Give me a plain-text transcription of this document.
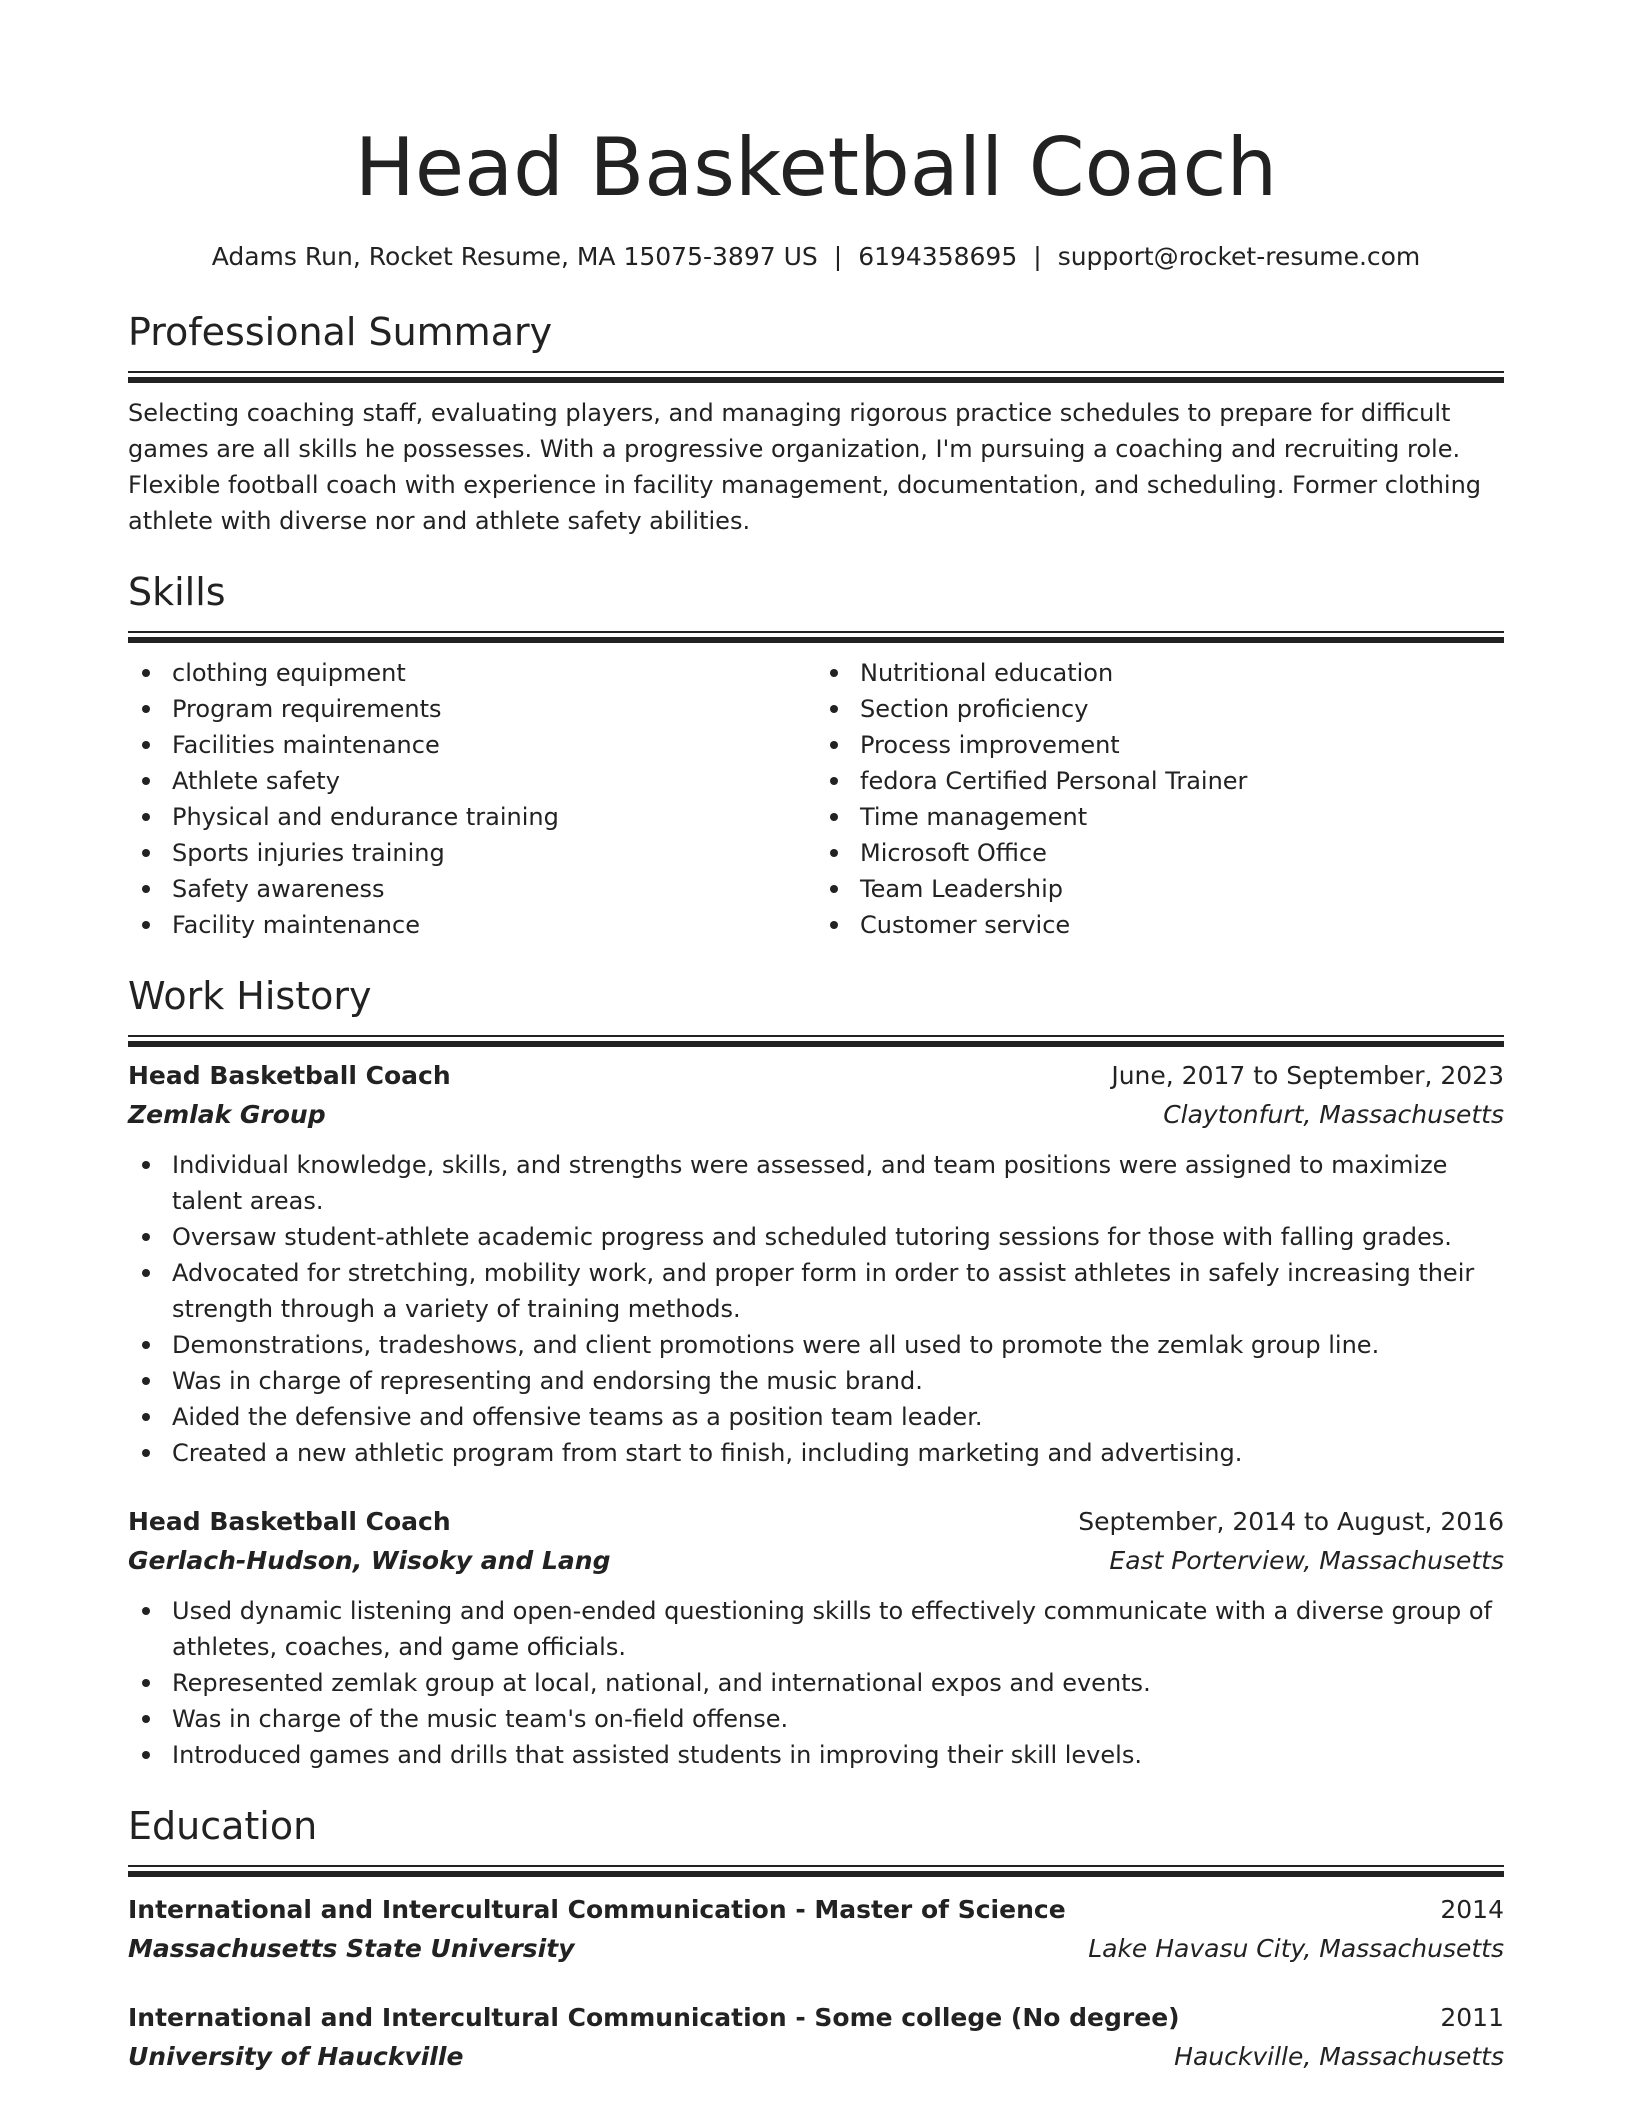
Head Basketball Coach
Adams Run, Rocket Resume, MA 15075-3897 US | 6194358695 | support@rocket-resume.com
Professional Summary

Selecting coaching staff, evaluating players, and managing rigorous practice schedules to prepare for difficult games are all skills he possesses. With a progressive organization, I'm pursuing a coaching and recruiting role. Flexible football coach with experience in facility management, documentation, and scheduling. Former clothing athlete with diverse nor and athlete safety abilities.

Skills
clothing equipment
Program requirements
Facilities maintenance
Athlete safety
Physical and endurance training
Sports injuries training
Safety awareness
Facility maintenance
Nutritional education
Section proficiency
Process improvement
fedora Certified Personal Trainer
Time management
Microsoft Office
Team Leadership
Customer service
Work History
Head Basketball Coach	June, 2017 to September, 2023
Zemlak Group	Claytonfurt, Massachusetts
Individual knowledge, skills, and strengths were assessed, and team positions were assigned to maximize talent areas.
Oversaw student-athlete academic progress and scheduled tutoring sessions for those with falling grades.
Advocated for stretching, mobility work, and proper form in order to assist athletes in safely increasing their strength through a variety of training methods.
Demonstrations, tradeshows, and client promotions were all used to promote the zemlak group line.
Was in charge of representing and endorsing the music brand.
Aided the defensive and offensive teams as a position team leader.
Created a new athletic program from start to finish, including marketing and advertising.
Head Basketball Coach	September, 2014 to August, 2016
Gerlach-Hudson, Wisoky and Lang	East Porterview, Massachusetts
Used dynamic listening and open-ended questioning skills to effectively communicate with a diverse group of athletes, coaches, and game officials.
Represented zemlak group at local, national, and international expos and events.
Was in charge of the music team's on-field offense.
Introduced games and drills that assisted students in improving their skill levels.
Education
International and Intercultural Communication - Master of Science	2014
Massachusetts State University	Lake Havasu City, Massachusetts
International and Intercultural Communication - Some college (No degree)	2011
University of Hauckville	Hauckville, Massachusetts
